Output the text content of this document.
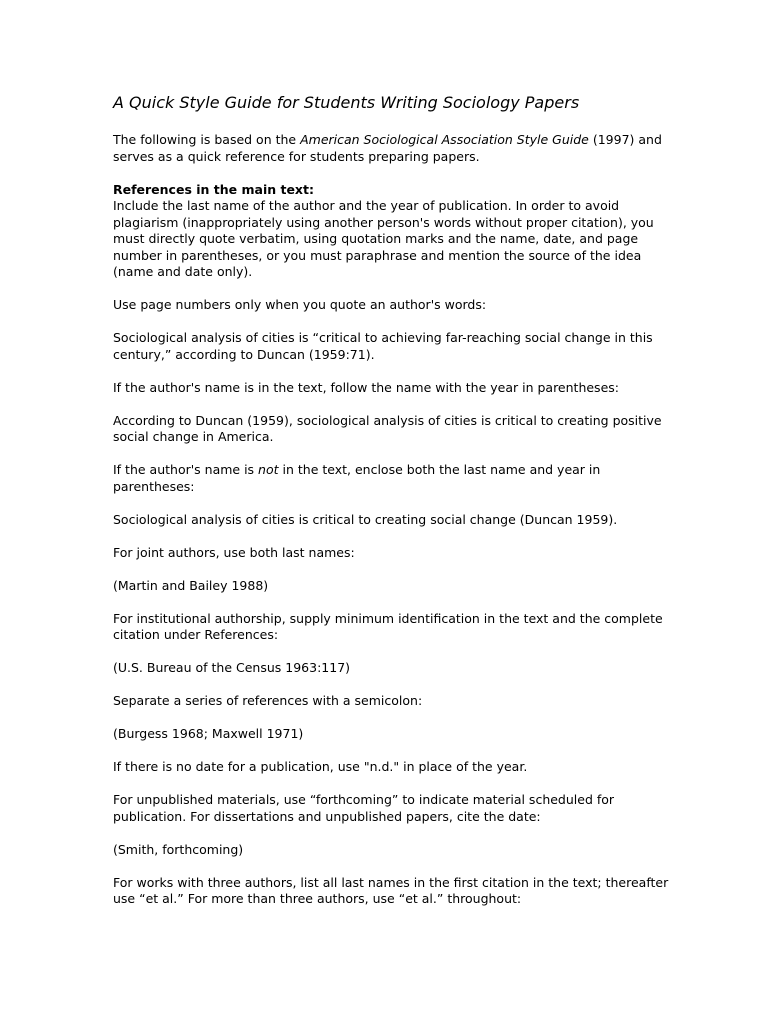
A Quick Style Guide for Students Writing Sociology Papers

The following is based on the American Sociological Association Style Guide (1997) and serves as a quick reference for students preparing papers.

References in the main text:
Include the last name of the author and the year of publication. In order to avoid plagiarism (inappropriately using another person's words without proper citation), you must directly quote verbatim, using quotation marks and the name, date, and page number in parentheses, or you must paraphrase and mention the source of the idea (name and date only).

Use page numbers only when you quote an author's words:

Sociological analysis of cities is “critical to achieving far-reaching social change in this century,” according to Duncan (1959:71).

If the author's name is in the text, follow the name with the year in parentheses:

According to Duncan (1959), sociological analysis of cities is critical to creating positive social change in America.

If the author's name is not in the text, enclose both the last name and year in parentheses:

Sociological analysis of cities is critical to creating social change (Duncan 1959).

For joint authors, use both last names:

(Martin and Bailey 1988)

For institutional authorship, supply minimum identification in the text and the complete citation under References:

(U.S. Bureau of the Census 1963:117)

Separate a series of references with a semicolon:

(Burgess 1968; Maxwell 1971)

If there is no date for a publication, use "n.d." in place of the year.

For unpublished materials, use “forthcoming” to indicate material scheduled for publication. For dissertations and unpublished papers, cite the date:

(Smith, forthcoming)

For works with three authors, list all last names in the first citation in the text; thereafter use “et al.” For more than three authors, use “et al.” throughout:
